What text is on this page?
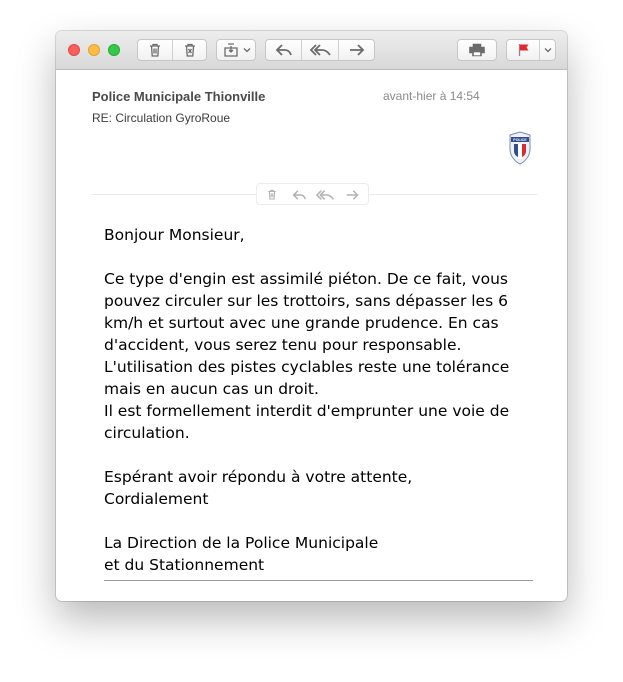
Police Municipale Thionville	avant-hier à 14:54
RE: Circulation GyroRoue
POLICE

Bonjour Monsieur,

Ce type d'engin est assimilé piéton. De ce fait, vous

pouvez circuler sur les trottoirs, sans dépasser les 6

km/h et surtout avec une grande prudence. En cas

d'accident, vous serez tenu pour responsable.

L'utilisation des pistes cyclables reste une tolérance

mais en aucun cas un droit.

Il est formellement interdit d'emprunter une voie de

circulation.

Espérant avoir répondu à votre attente,

Cordialement

La Direction de la Police Municipale

et du Stationnement
